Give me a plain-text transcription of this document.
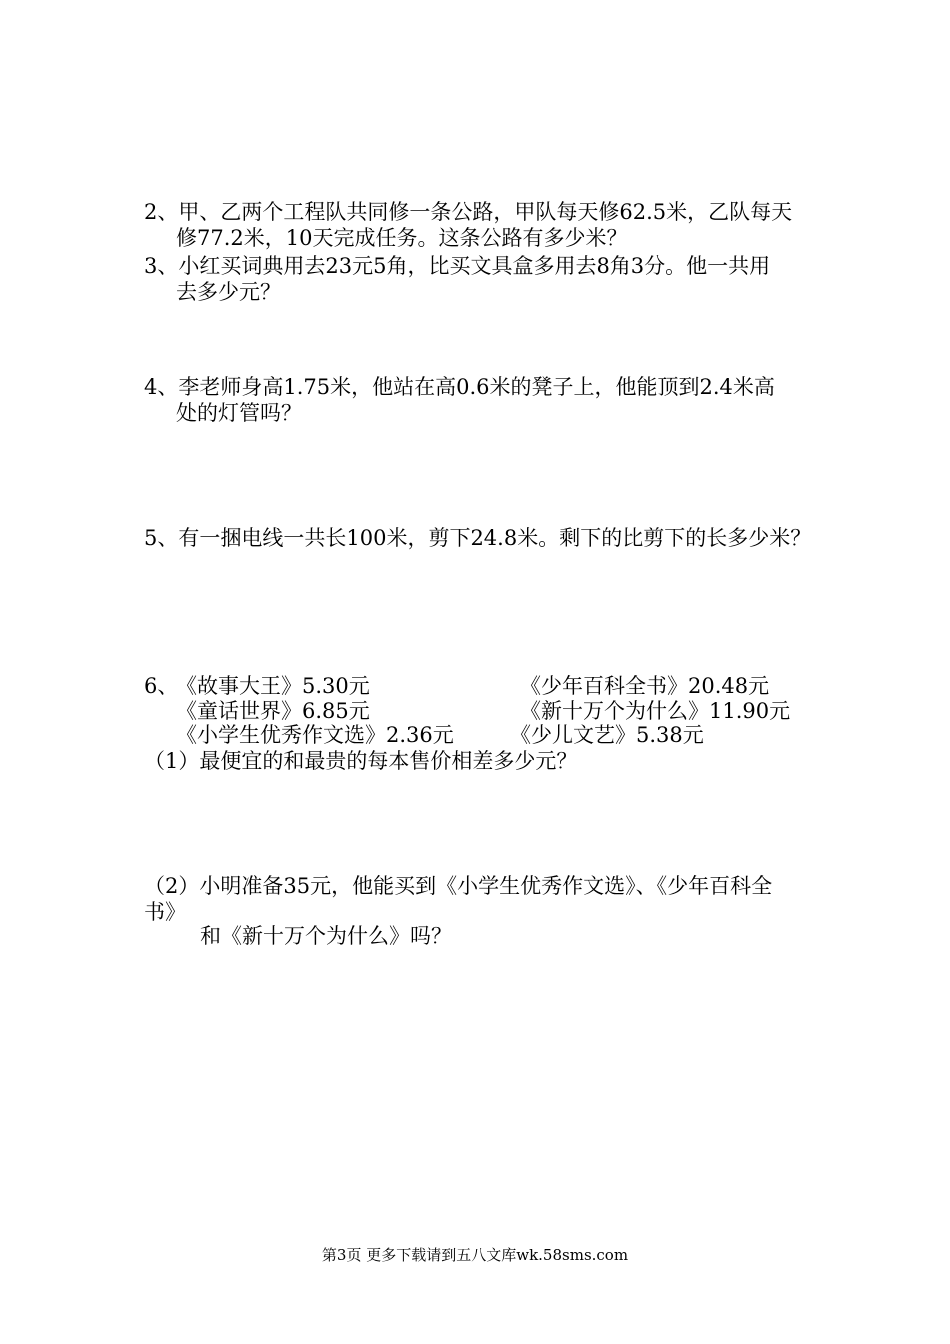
2、甲、乙两个工程队共同修一条公路，甲队每天修62.5米，乙队每天
修77.2米，10天完成任务。这条公路有多少米？
3、小红买词典用去23元5角，比买文具盒多用去8角3分。他一共用
去多少元？
4、李老师身高1.75米，他站在高0.6米的凳子上，他能顶到2.4米高
处的灯管吗？
5、有一捆电线一共长100米，剪下24.8米。剩下的比剪下的长多少米？
6、
《故事大王》5.30元	《少年百科全书》20.48元
《童话世界》6.85元	《新十万个为什么》11.90元
《小学生优秀作文选》2.36元	《少儿文艺》5.38元
（1）最便宜的和最贵的每本售价相差多少元？
（2）小明准备35元，他能买到《小学生优秀作文选》、《少年百科全
书》
和《新十万个为什么》吗？
第3页 更多下载请到五八文库wk.58sms.com
